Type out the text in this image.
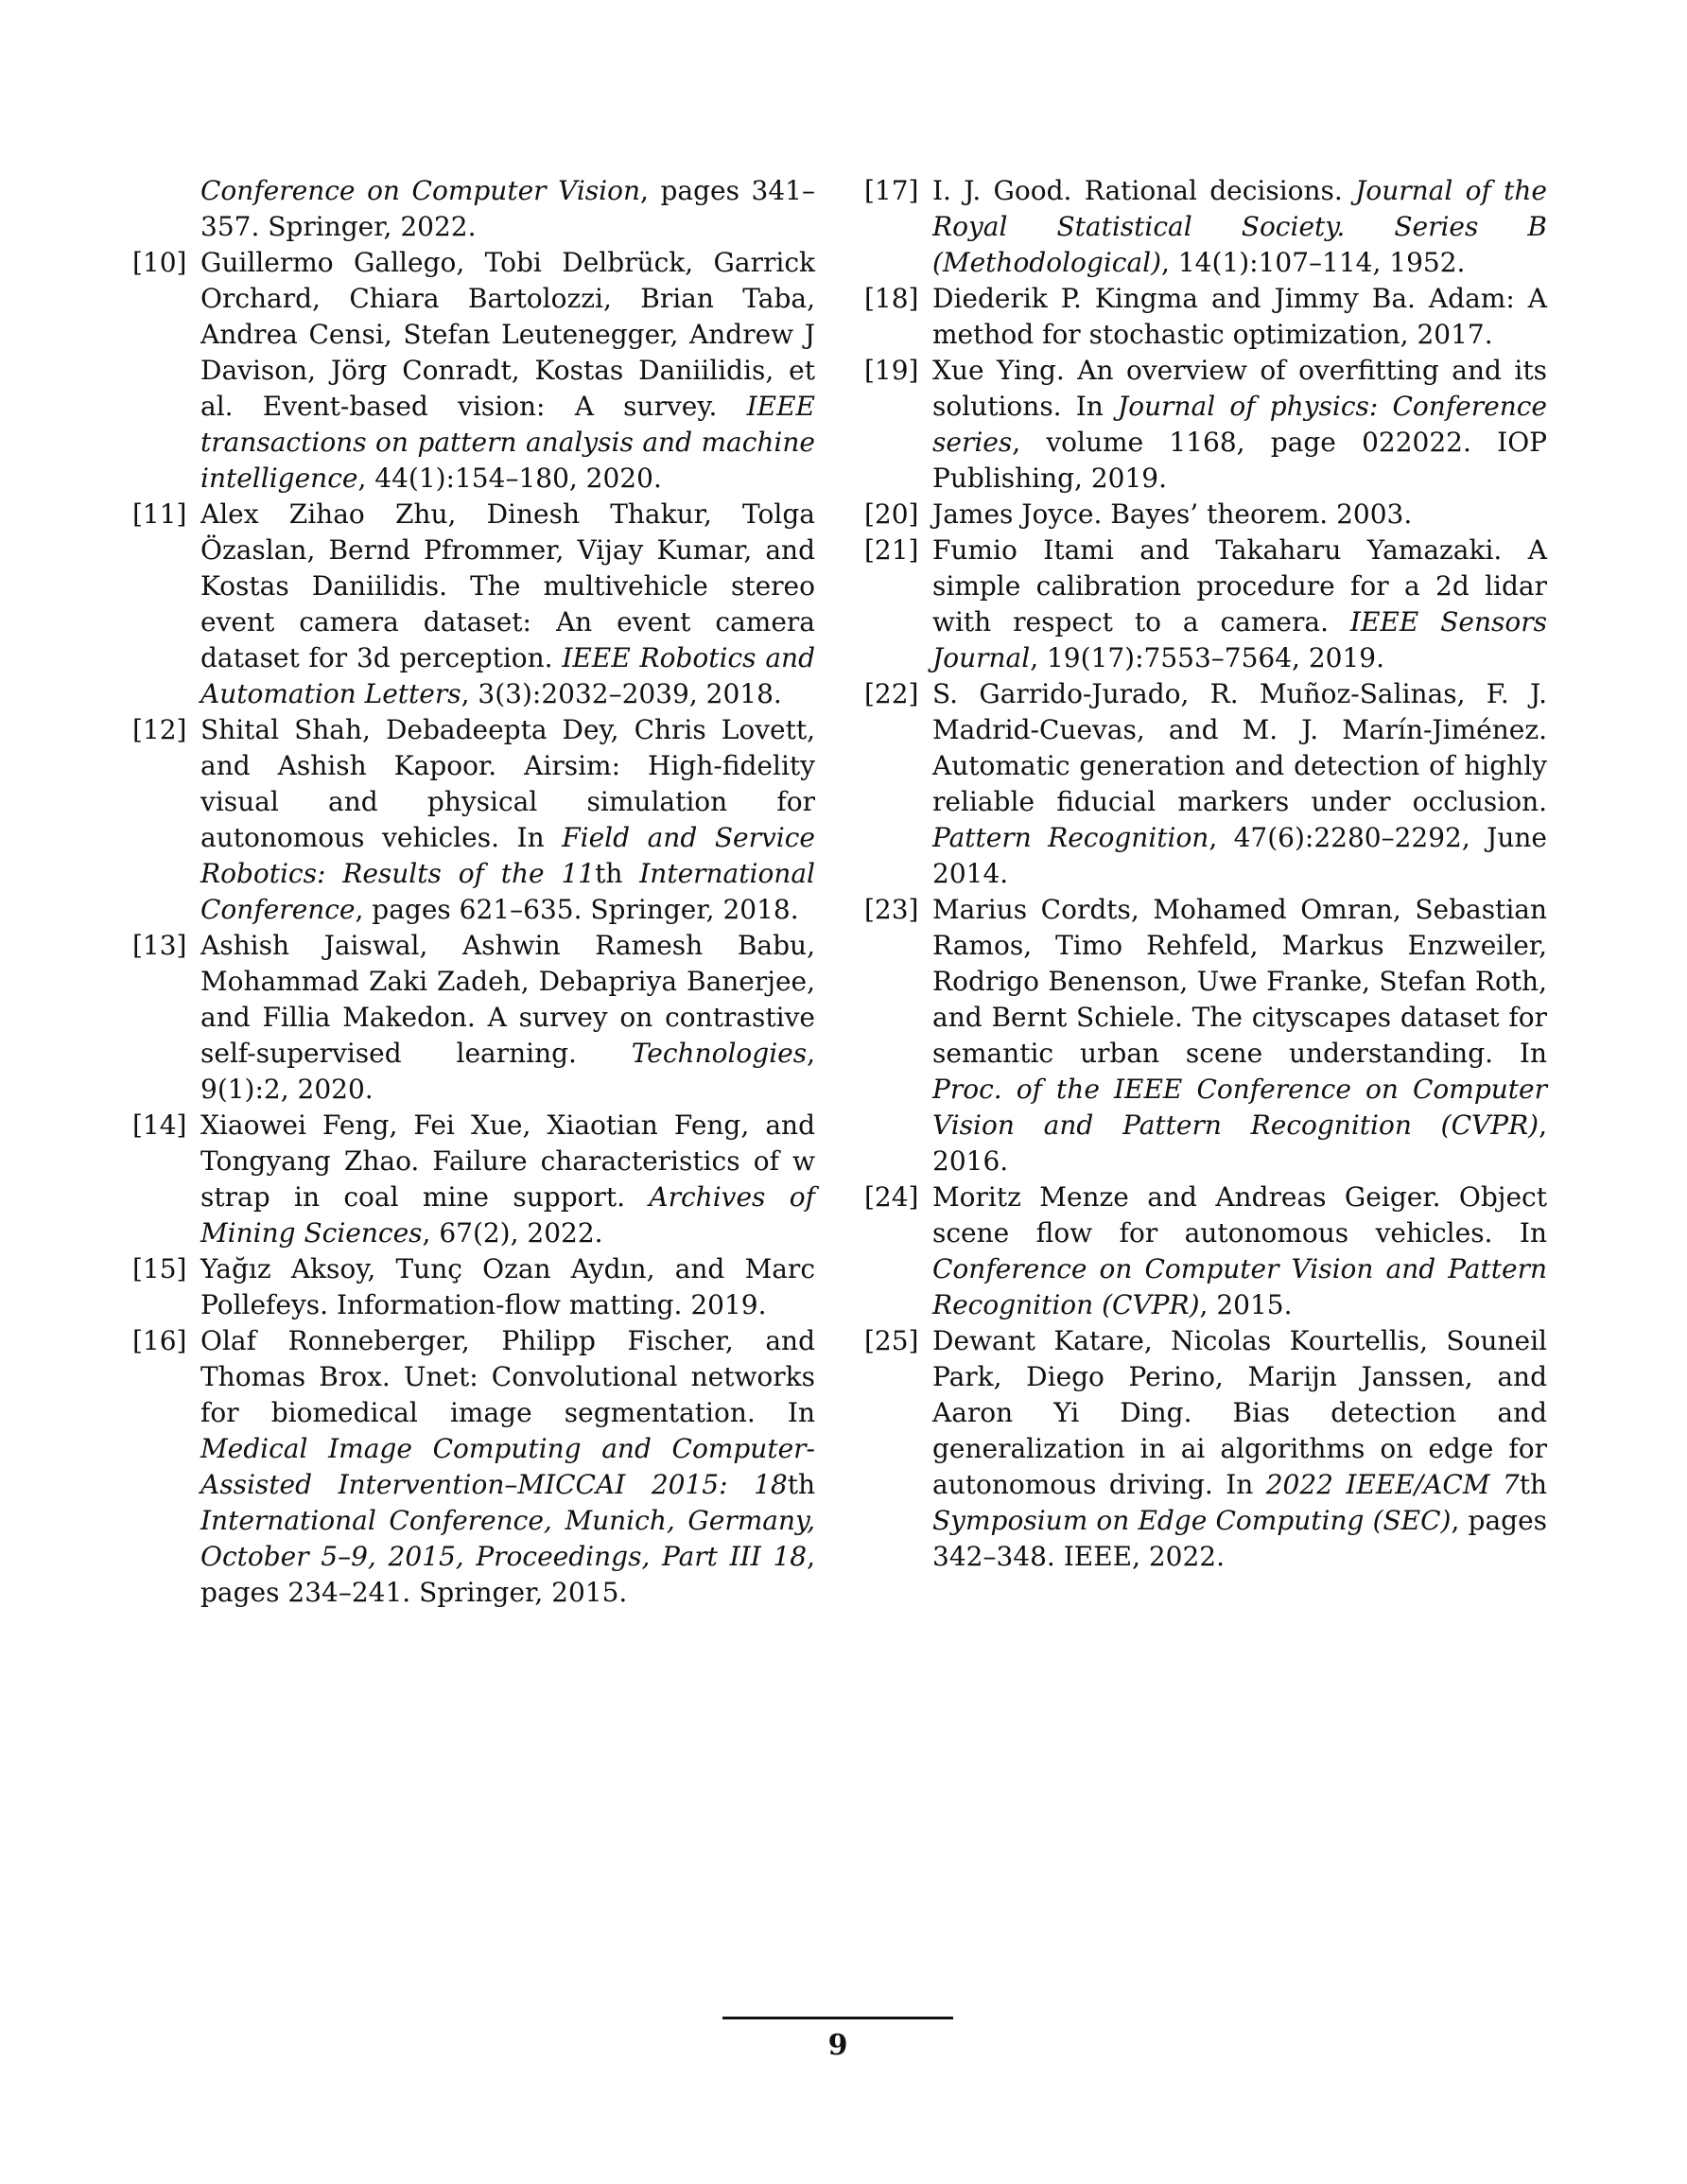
Conference on Computer Vision, pages 341–357. Springer, 2022.
[10] Guillermo Gallego, Tobi Delbrück, Garrick Orchard, Chiara Bartolozzi, Brian Taba, Andrea Censi, Stefan Leutenegger, Andrew J Davison, Jörg Conradt, Kostas Daniilidis, et al. Event-based vision: A survey. IEEE transactions on pattern analysis and machine intelligence, 44(1):154–180, 2020.
[11] Alex Zihao Zhu, Dinesh Thakur, Tolga Özaslan, Bernd Pfrommer, Vijay Kumar, and Kostas Daniilidis. The multivehicle stereo event camera dataset: An event camera dataset for 3d perception. IEEE Robotics and Automation Letters, 3(3):2032–2039, 2018.
[12] Shital Shah, Debadeepta Dey, Chris Lovett, and Ashish Kapoor. Airsim: High-fidelity visual and physical simulation for autonomous vehicles. In Field and Service Robotics: Results of the 11th International Conference, pages 621–635. Springer, 2018.
[13] Ashish Jaiswal, Ashwin Ramesh Babu, Mohammad Zaki Zadeh, Debapriya Banerjee, and Fillia Makedon. A survey on contrastive self-supervised learning. Technologies, 9(1):2, 2020.
[14] Xiaowei Feng, Fei Xue, Xiaotian Feng, and Tongyang Zhao. Failure characteristics of w strap in coal mine support. Archives of Mining Sciences, 67(2), 2022.
[15] Yağız Aksoy, Tunç Ozan Aydın, and Marc Pollefeys. Information-flow matting. 2019.
[16] Olaf Ronneberger, Philipp Fischer, and Thomas Brox. Unet: Convolutional networks for biomedical image segmentation. In Medical Image Computing and Computer-Assisted Intervention–MICCAI 2015: 18th International Conference, Munich, Germany, October 5–9, 2015, Proceedings, Part III 18, pages 234–241. Springer, 2015.
[17] I. J. Good. Rational decisions. Journal of the Royal Statistical Society. Series B (Methodological), 14(1):107–114, 1952.
[18] Diederik P. Kingma and Jimmy Ba. Adam: A method for stochastic optimization, 2017.
[19] Xue Ying. An overview of overfitting and its solutions. In Journal of physics: Conference series, volume 1168, page 022022. IOP Publishing, 2019.
[20] James Joyce. Bayes’ theorem. 2003.
[21] Fumio Itami and Takaharu Yamazaki. A simple calibration procedure for a 2d lidar with respect to a camera. IEEE Sensors Journal, 19(17):7553–7564, 2019.
[22] S. Garrido-Jurado, R. Muñoz-Salinas, F. J. Madrid-Cuevas, and M. J. Marín-Jiménez. Automatic generation and detection of highly reliable fiducial markers under occlusion. Pattern Recognition, 47(6):2280–2292, June 2014.
[23] Marius Cordts, Mohamed Omran, Sebastian Ramos, Timo Rehfeld, Markus Enzweiler, Rodrigo Benenson, Uwe Franke, Stefan Roth, and Bernt Schiele. The cityscapes dataset for semantic urban scene understanding. In Proc. of the IEEE Conference on Computer Vision and Pattern Recognition (CVPR), 2016.
[24] Moritz Menze and Andreas Geiger. Object scene flow for autonomous vehicles. In Conference on Computer Vision and Pattern Recognition (CVPR), 2015.
[25] Dewant Katare, Nicolas Kourtellis, Souneil Park, Diego Perino, Marijn Janssen, and Aaron Yi Ding. Bias detection and generalization in ai algorithms on edge for autonomous driving. In 2022 IEEE/ACM 7th Symposium on Edge Computing (SEC), pages 342–348. IEEE, 2022.
9
